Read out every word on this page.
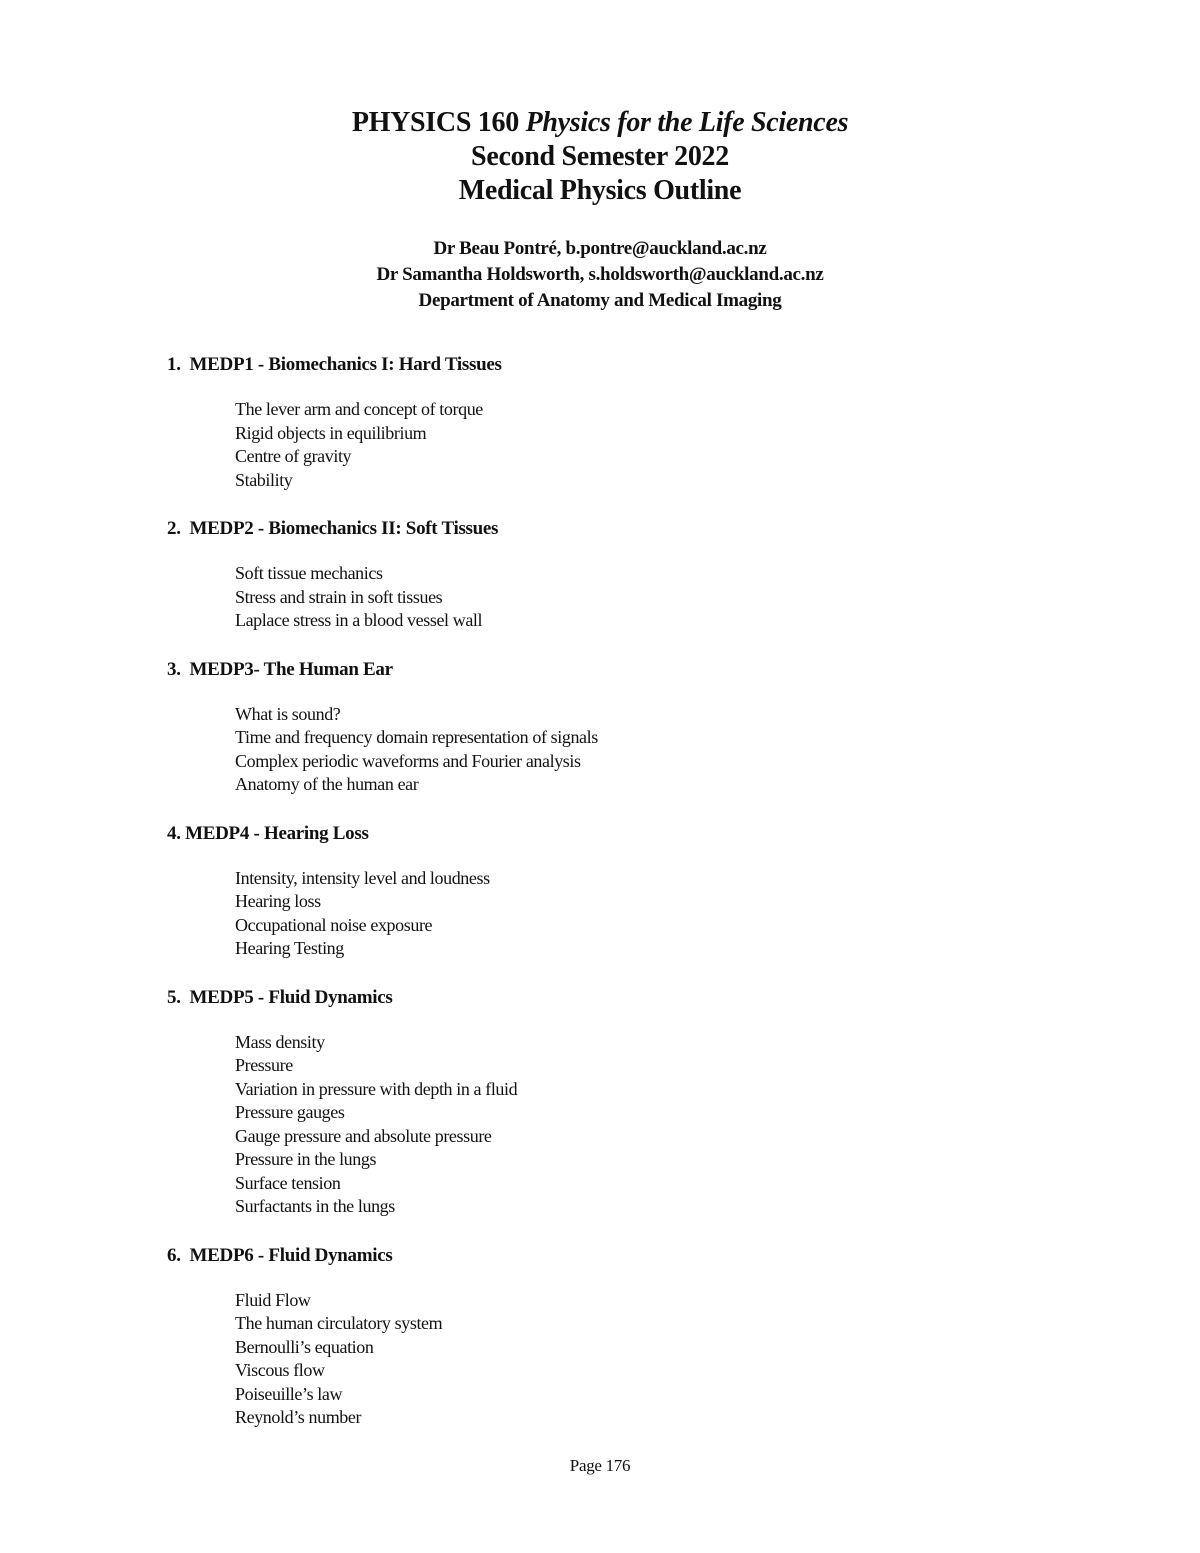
PHYSICS 160 Physics for the Life Sciences
Second Semester 2022
Medical Physics Outline
Dr Beau Pontré, b.pontre@auckland.ac.nz
Dr Samantha Holdsworth, s.holdsworth@auckland.ac.nz
Department of Anatomy and Medical Imaging
1.  MEDP1 - Biomechanics I: Hard Tissues
The lever arm and concept of torque
Rigid objects in equilibrium
Centre of gravity
Stability
2.  MEDP2 - Biomechanics II: Soft Tissues
Soft tissue mechanics
Stress and strain in soft tissues
Laplace stress in a blood vessel wall
3.  MEDP3- The Human Ear
What is sound?
Time and frequency domain representation of signals
Complex periodic waveforms and Fourier analysis
Anatomy of the human ear
4. MEDP4 - Hearing Loss
Intensity, intensity level and loudness
Hearing loss
Occupational noise exposure
Hearing Testing
5.  MEDP5 - Fluid Dynamics
Mass density
Pressure
Variation in pressure with depth in a fluid
Pressure gauges
Gauge pressure and absolute pressure
Pressure in the lungs
Surface tension
Surfactants in the lungs
6.  MEDP6 - Fluid Dynamics
Fluid Flow
The human circulatory system
Bernoulli’s equation
Viscous flow
Poiseuille’s law
Reynold’s number
Page 176
